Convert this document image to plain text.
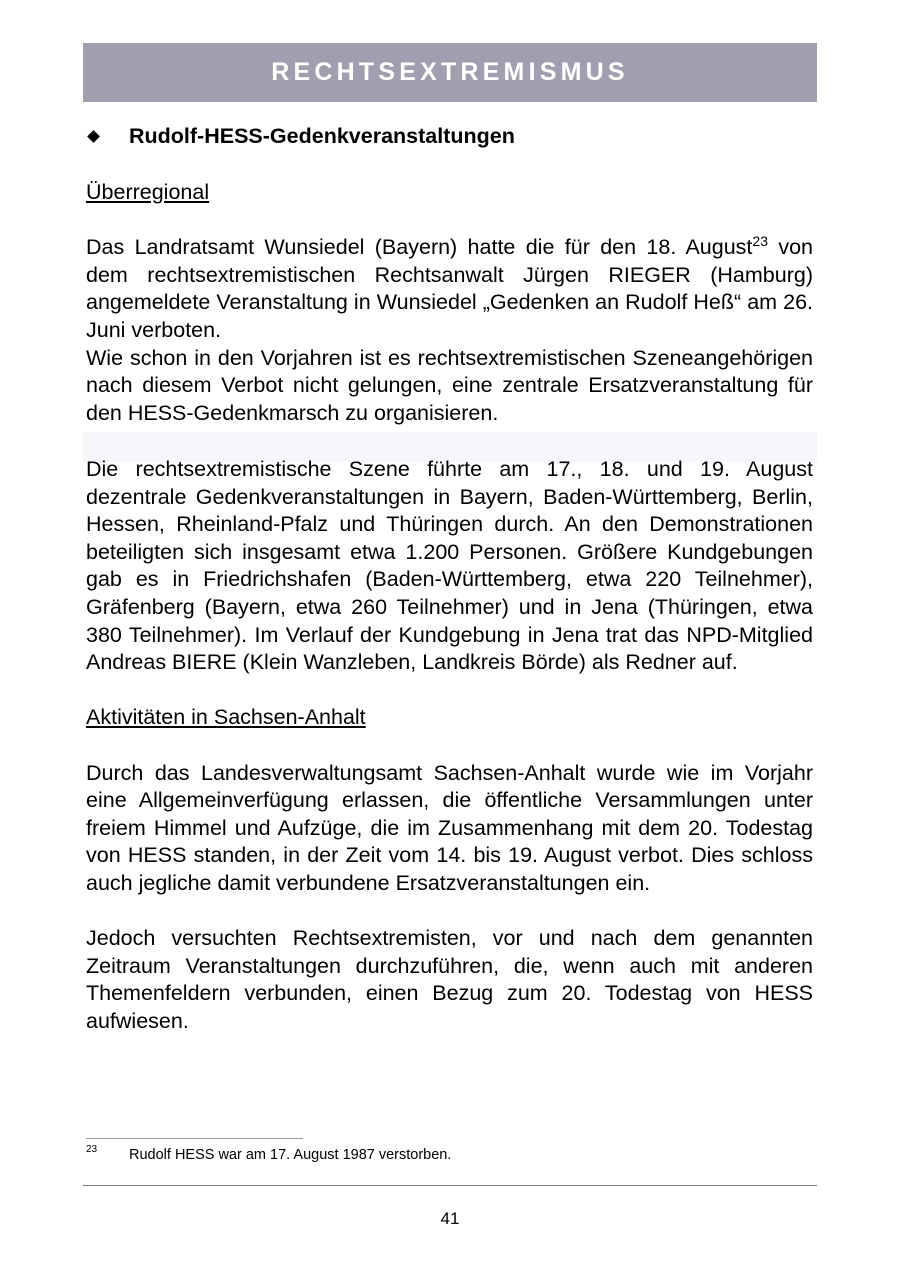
RECHTSEXTREMISMUS
Rudolf-HESS-Gedenkveranstaltungen

Überregional

Das Landratsamt Wunsiedel (Bayern) hatte die für den 18. August$^{23}$ von dem rechtsextremistischen Rechtsanwalt Jürgen RIEGER (Hamburg) angemeldete Veranstaltung in Wunsiedel „Gedenken an Rudolf Heß“ am 26. Juni verboten.

Wie schon in den Vorjahren ist es rechtsextremistischen Szeneangehörigen nach diesem Verbot nicht gelungen, eine zentrale Ersatzveranstaltung für den HESS-Gedenkmarsch zu organisieren.

Die rechtsextremistische Szene führte am 17., 18. und 19. August dezentrale Gedenkveranstaltungen in Bayern, Baden-Württemberg, Berlin, Hessen, Rheinland-Pfalz und Thüringen durch. An den Demonstrationen beteiligten sich insgesamt etwa 1.200 Personen. Größere Kundgebungen gab es in Friedrichshafen (Baden-Württemberg, etwa 220 Teilnehmer), Gräfenberg (Bayern, etwa 260 Teilnehmer) und in Jena (Thüringen, etwa 380 Teilnehmer). Im Verlauf der Kundgebung in Jena trat das NPD-Mitglied Andreas BIERE (Klein Wanzleben, Landkreis Börde) als Redner auf.

Aktivitäten in Sachsen-Anhalt

Durch das Landesverwaltungsamt Sachsen-Anhalt wurde wie im Vorjahr eine Allgemeinverfügung erlassen, die öffentliche Versammlungen unter freiem Himmel und Aufzüge, die im Zusammenhang mit dem 20. Todestag von HESS standen, in der Zeit vom 14. bis 19. August verbot. Dies schloss auch jegliche damit verbundene Ersatzveranstaltungen ein.

Jedoch versuchten Rechtsextremisten, vor und nach dem genannten Zeitraum Veranstaltungen durchzuführen, die, wenn auch mit anderen Themenfeldern verbunden, einen Bezug zum 20. Todestag von HESS aufwiesen.

23	Rudolf HESS war am 17. August 1987 verstorben.
41
